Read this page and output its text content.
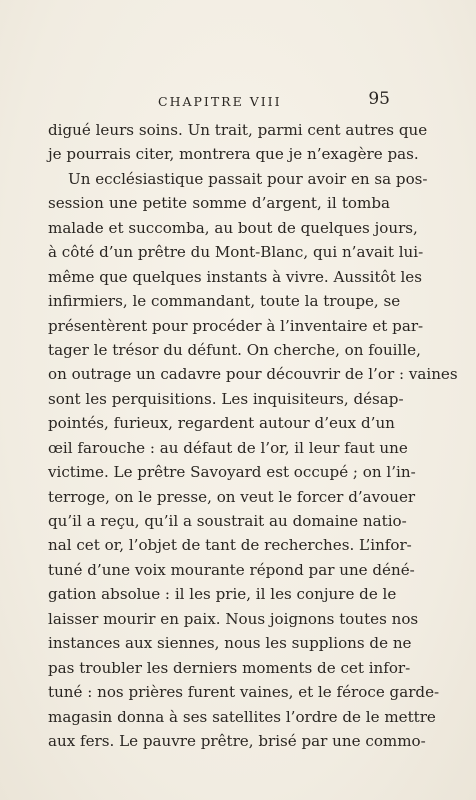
CHAPITRE VIII	95
digué leurs soins. Un trait, parmi cent autres que
je pourrais citer, montrera que je n’exagère pas.
Un ecclésiastique passait pour avoir en sa pos-
session une petite somme d’argent, il tomba
malade et succomba, au bout de quelques jours,
à côté d’un prêtre du Mont-Blanc, qui n’avait lui-
même que quelques instants à vivre. Aussitôt les
infirmiers, le commandant, toute la troupe, se
présentèrent pour procéder à l’inventaire et par-
tager le trésor du défunt. On cherche, on fouille,
on outrage un cadavre pour découvrir de l’or : vaines
sont les perquisitions. Les inquisiteurs, désap-
pointés, furieux, regardent autour d’eux d’un
œil farouche : au défaut de l’or, il leur faut une
victime. Le prêtre Savoyard est occupé ; on l’in-
terroge, on le presse, on veut le forcer d’avouer
qu’il a reçu, qu’il a soustrait au domaine natio-
nal cet or, l’objet de tant de recherches. L’infor-
tuné d’une voix mourante répond par une déné-
gation absolue : il les prie, il les conjure de le
laisser mourir en paix. Nous joignons toutes nos
instances aux siennes, nous les supplions de ne
pas troubler les derniers moments de cet infor-
tuné : nos prières furent vaines, et le féroce garde-
magasin donna à ses satellites l’ordre de le mettre
aux fers. Le pauvre prêtre, brisé par une commo-
